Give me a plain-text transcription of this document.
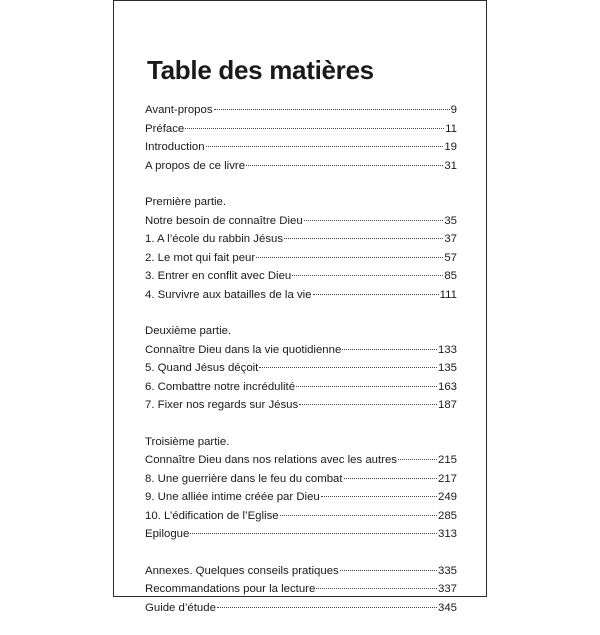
Table des matières
Avant-propos	9
Préface	11
Introduction	19
A propos de ce livre	31
Première partie.
Notre besoin de connaître Dieu	35
1. A l’école du rabbin Jésus	37
2. Le mot qui fait peur	57
3. Entrer en conflit avec Dieu	85
4. Survivre aux batailles de la vie	111
Deuxième partie.
Connaître Dieu dans la vie quotidienne	133
5. Quand Jésus déçoit	135
6. Combattre notre incrédulité	163
7. Fixer nos regards sur Jésus	187
Troisième partie.
Connaître Dieu dans nos relations avec les autres	215
8. Une guerrière dans le feu du combat	217
9. Une alliée intime créée par Dieu	249
10. L’édification de l’Eglise	285
Epilogue	313
Annexes. Quelques conseils pratiques	335
Recommandations pour la lecture	337
Guide d’étude	345
